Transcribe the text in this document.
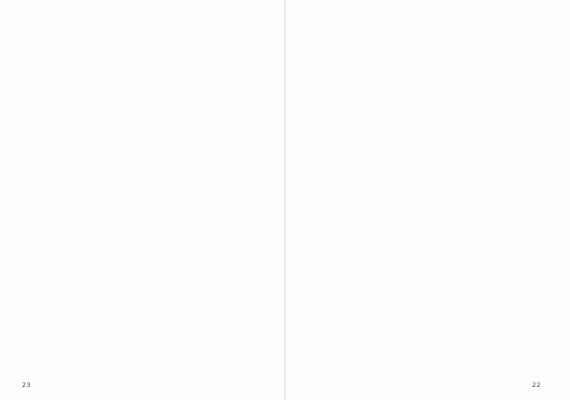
23	22
